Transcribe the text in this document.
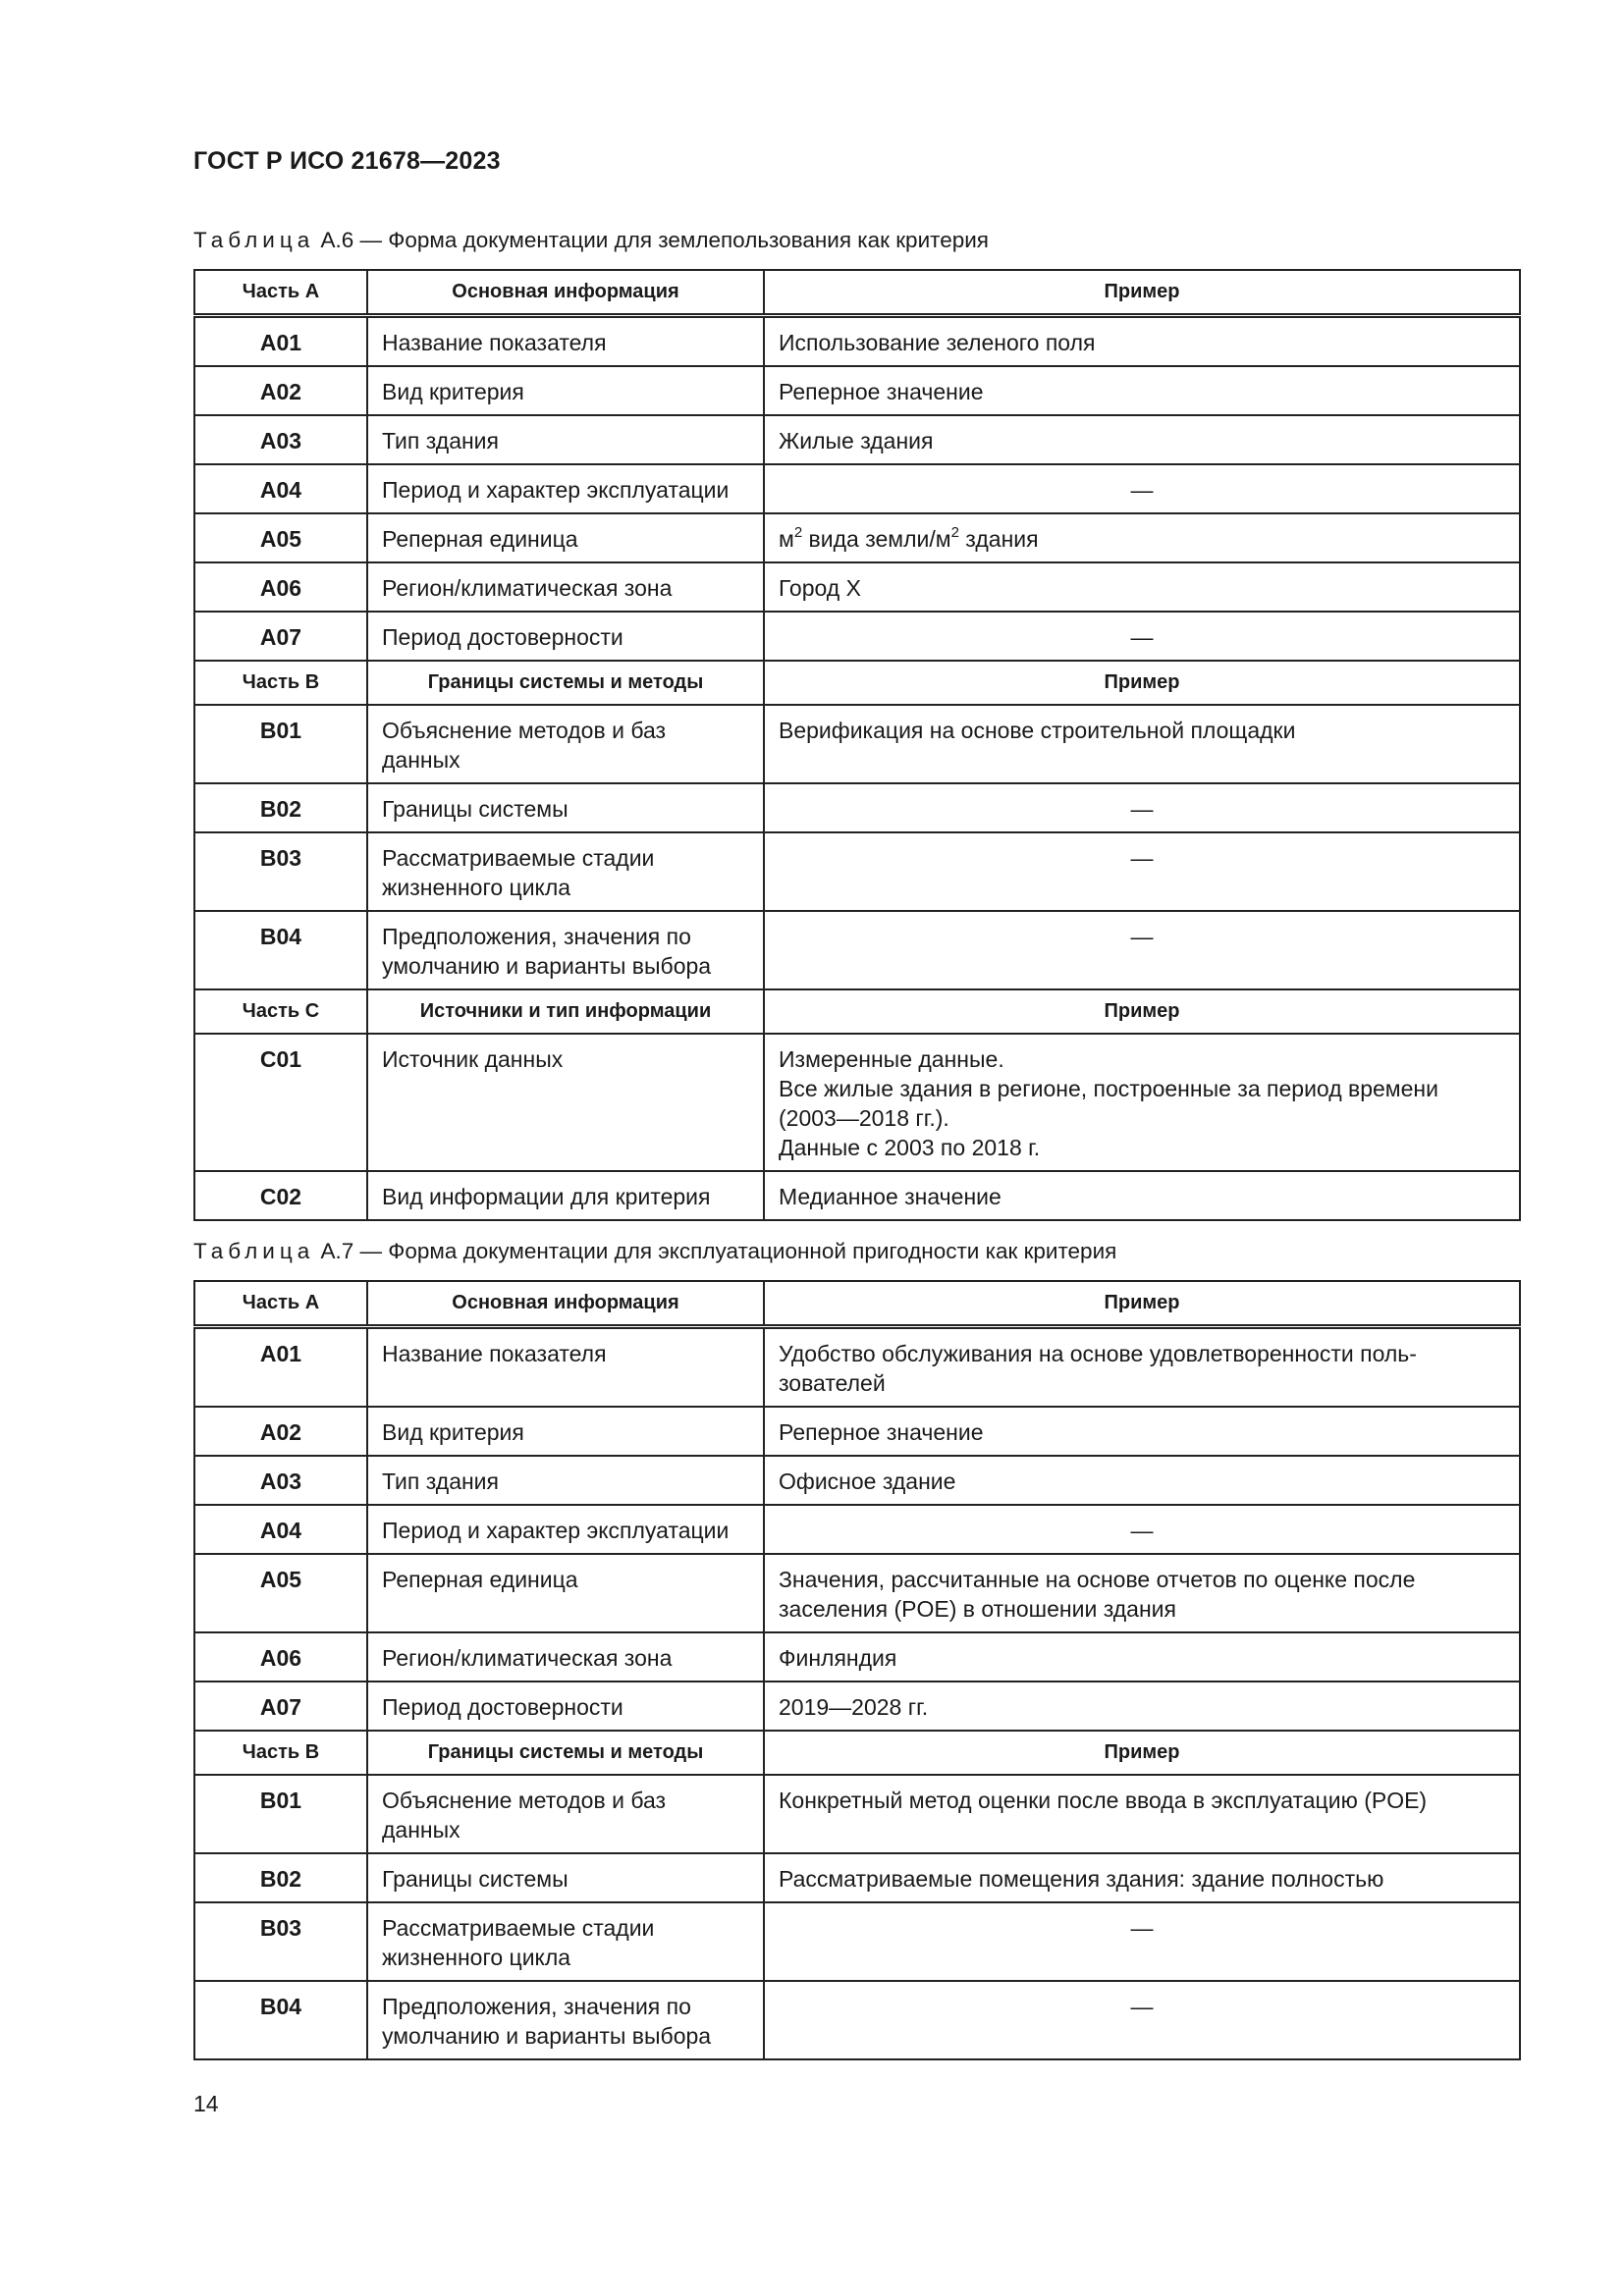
ГОСТ Р ИСО 21678—2023
Таблица А.6 — Форма документации для землепользования как критерия
Часть А	Основная информация	Пример
A01	Название показателя	Использование зеленого поля
A02	Вид критерия	Реперное значение
A03	Тип здания	Жилые здания
A04	Период и характер эксплуатации	—
A05	Реперная единица	$м^2$ вида земли/$м^2$ здания
A06	Регион/климатическая зона	Город X
A07	Период достоверности	—
Часть В	Границы системы и методы	Пример
B01	Объяснение методов и баз данных	Верификация на основе строительной площадки
B02	Границы системы	—
B03	Рассматриваемые стадии жизненного цикла	—
B04	Предположения, значения по умолчанию и варианты выбора	—
Часть С	Источники и тип информации	Пример
C01	Источник данных	Измеренные данные.
Все жилые здания в регионе, построенные за период времени
(2003—2018 гг.).
Данные с 2003 по 2018 г.

C02	Вид информации для критерия	Медианное значение
Таблица А.7 — Форма документации для эксплуатационной пригодности как критерия
Часть А	Основная информация	Пример
A01	Название показателя	Удобство обслуживания на основе удовлетворенности поль-зователей
A02	Вид критерия	Реперное значение
A03	Тип здания	Офисное здание
A04	Период и характер эксплуатации	—
A05	Реперная единица	Значения, рассчитанные на основе отчетов по оценке после заселения (POE) в отношении здания
A06	Регион/климатическая зона	Финляндия
A07	Период достоверности	2019—2028 гг.
Часть В	Границы системы и методы	Пример
B01	Объяснение методов и баз данных	Конкретный метод оценки после ввода в эксплуатацию (POE)
B02	Границы системы	Рассматриваемые помещения здания: здание полностью
B03	Рассматриваемые стадии жизненного цикла	—
B04	Предположения, значения по умолчанию и варианты выбора	—
14
